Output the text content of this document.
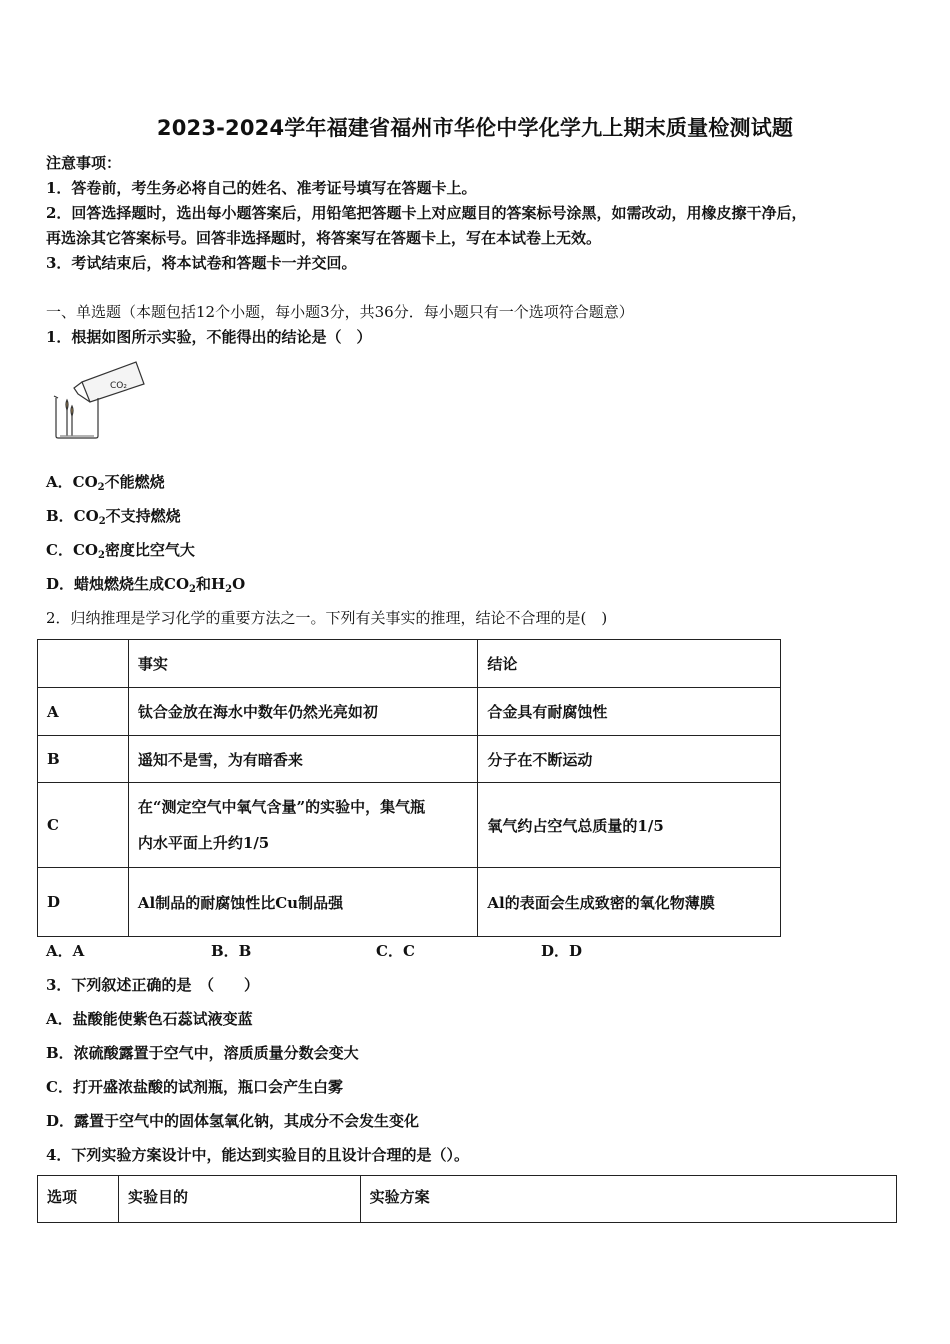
2023-2024学年福建省福州市华伦中学化学九上期末质量检测试题
注意事项：
1．答卷前，考生务必将自己的姓名、准考证号填写在答题卡上。
2．回答选择题时，选出每小题答案后，用铅笔把答题卡上对应题目的答案标号涂黑，如需改动，用橡皮擦干净后，
再选涂其它答案标号。回答非选择题时，将答案写在答题卡上，写在本试卷上无效。
3．考试结束后，将本试卷和答题卡一并交回。
一、单选题（本题包括12个小题，每小题3分，共36分．每小题只有一个选项符合题意）
1．根据如图所示实验，不能得出的结论是（　）
CO₂
A．$CO_2$不能燃烧
B．$CO_2$不支持燃烧
C．$CO_2$密度比空气大
D．蜡烛燃烧生成$CO_2$和$H_2O$
2．归纳推理是学习化学的重要方法之一。下列有关事实的推理，结论不合理的是(　)
	事实	结论
A	钛合金放在海水中数年仍然光亮如初	合金具有耐腐蚀性
B	遥知不是雪，为有暗香来	分子在不断运动
C	在“测定空气中氧气含量”的实验中，集气瓶
内水平面上升约1/5	氧气约占空气总质量的1/5
D	Al制品的耐腐蚀性比Cu制品强	Al的表面会生成致密的氧化物薄膜
A．A	B．B	C．C	D．D
3．下列叙述正确的是　（　　）
A．盐酸能使紫色石蕊试液变蓝
B．浓硫酸露置于空气中，溶质质量分数会变大
C．打开盛浓盐酸的试剂瓶，瓶口会产生白雾
D．露置于空气中的固体氢氧化钠，其成分不会发生变化
4．下列实验方案设计中，能达到实验目的且设计合理的是（）。
选项	实验目的	实验方案
